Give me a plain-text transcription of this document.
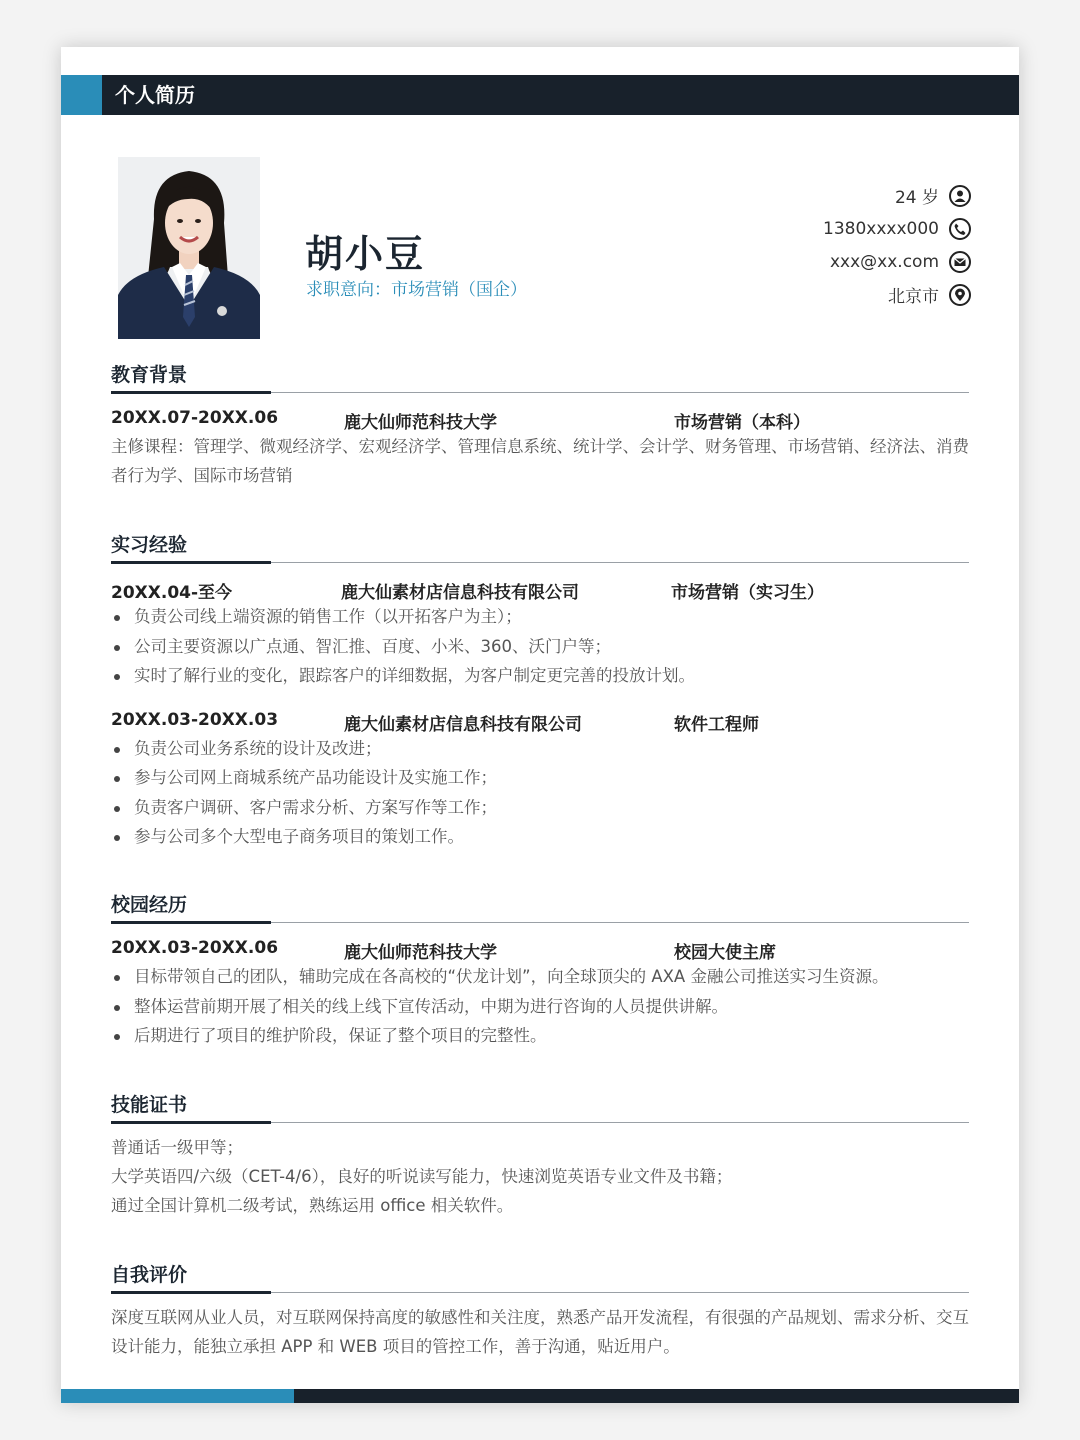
个人简历
胡小豆
求职意向：市场营销（国企）
24 岁
1380xxxx000
xxx@xx.com
北京市
教育背景
20XX.07-20XX.06	鹿大仙师范科技大学	市场营销（本科）
主修课程：管理学、微观经济学、宏观经济学、管理信息系统、统计学、会计学、财务管理、市场营销、经济法、消费者行为学、国际市场营销
实习经验
20XX.04-至今	鹿大仙素材店信息科技有限公司	市场营销（实习生）
负责公司线上端资源的销售工作（以开拓客户为主）；
公司主要资源以广点通、智汇推、百度、小米、360、沃门户等；
实时了解行业的变化，跟踪客户的详细数据，为客户制定更完善的投放计划。
20XX.03-20XX.03	鹿大仙素材店信息科技有限公司	软件工程师
负责公司业务系统的设计及改进；
参与公司网上商城系统产品功能设计及实施工作；
负责客户调研、客户需求分析、方案写作等工作；
参与公司多个大型电子商务项目的策划工作。
校园经历
20XX.03-20XX.06	鹿大仙师范科技大学	校园大使主席
目标带领自己的团队，辅助完成在各高校的“伏龙计划”，向全球顶尖的 AXA 金融公司推送实习生资源。
整体运营前期开展了相关的线上线下宣传活动，中期为进行咨询的人员提供讲解。
后期进行了项目的维护阶段，保证了整个项目的完整性。
技能证书
普通话一级甲等；
大学英语四/六级（CET-4/6），良好的听说读写能力，快速浏览英语专业文件及书籍；
通过全国计算机二级考试，熟练运用 office 相关软件。
自我评价
深度互联网从业人员，对互联网保持高度的敏感性和关注度，熟悉产品开发流程，有很强的产品规划、需求分析、交互设计能力，能独立承担 APP 和 WEB 项目的管控工作，善于沟通，贴近用户。
